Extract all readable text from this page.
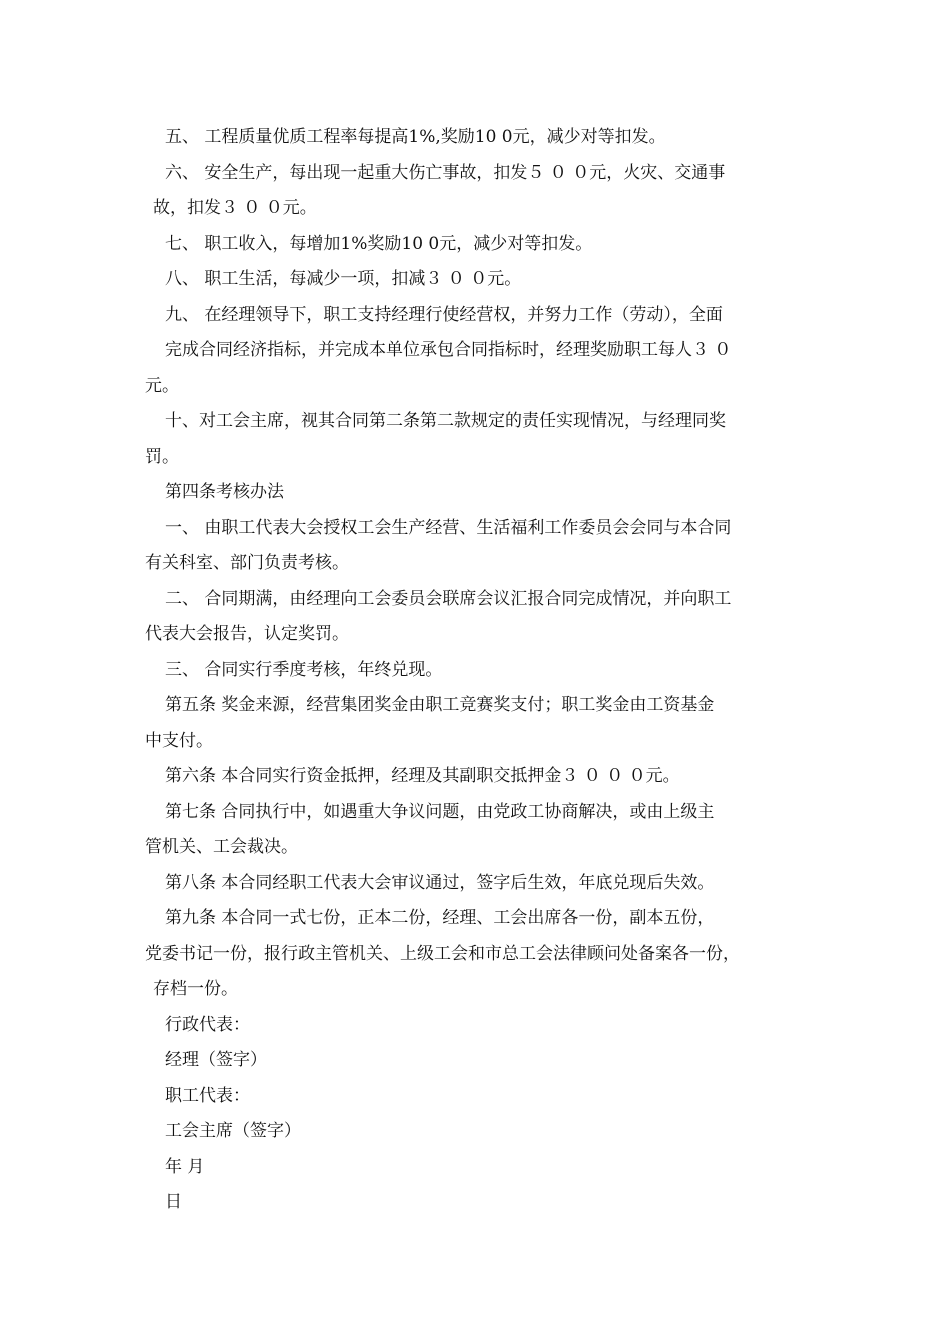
五、 工程质量优质工程率每提高1%,奖励10 0元，减少对等扣发。
六、 安全生产，每出现一起重大伤亡事故，扣发５ ０ ０元，火灾、交通事
故，扣发３ ０ ０元。
七、 职工收入，每增加1%奖励10 0元，减少对等扣发。
八、 职工生活，每减少一项，扣减３ ０ ０元。
九、 在经理领导下，职工支持经理行使经营权，并努力工作（劳动），全面
完成合同经济指标，并完成本单位承包合同指标时，经理奖励职工每人３ ０
元。
十、对工会主席，视其合同第二条第二款规定的责任实现情况，与经理同奖
罚。
第四条考核办法
一、 由职工代表大会授权工会生产经营、生活福利工作委员会会同与本合同
有关科室、部门负责考核。
二、 合同期满，由经理向工会委员会联席会议汇报合同完成情况，并向职工
代表大会报告，认定奖罚。
三、 合同实行季度考核，年终兑现。
第五条 奖金来源，经营集团奖金由职工竞赛奖支付；职工奖金由工资基金
中支付。
第六条 本合同实行资金抵押，经理及其副职交抵押金３ ０ ０ ０元。
第七条 合同执行中，如遇重大争议问题，由党政工协商解决，或由上级主
管机关、工会裁决。
第八条 本合同经职工代表大会审议通过，签字后生效，年底兑现后失效。
第九条 本合同一式七份，正本二份，经理、工会出席各一份，副本五份，
党委书记一份，报行政主管机关、上级工会和市总工会法律顾问处备案各一份，
存档一份。
行政代表：
经理（签字）
职工代表：
工会主席（签字）
年 月
日
